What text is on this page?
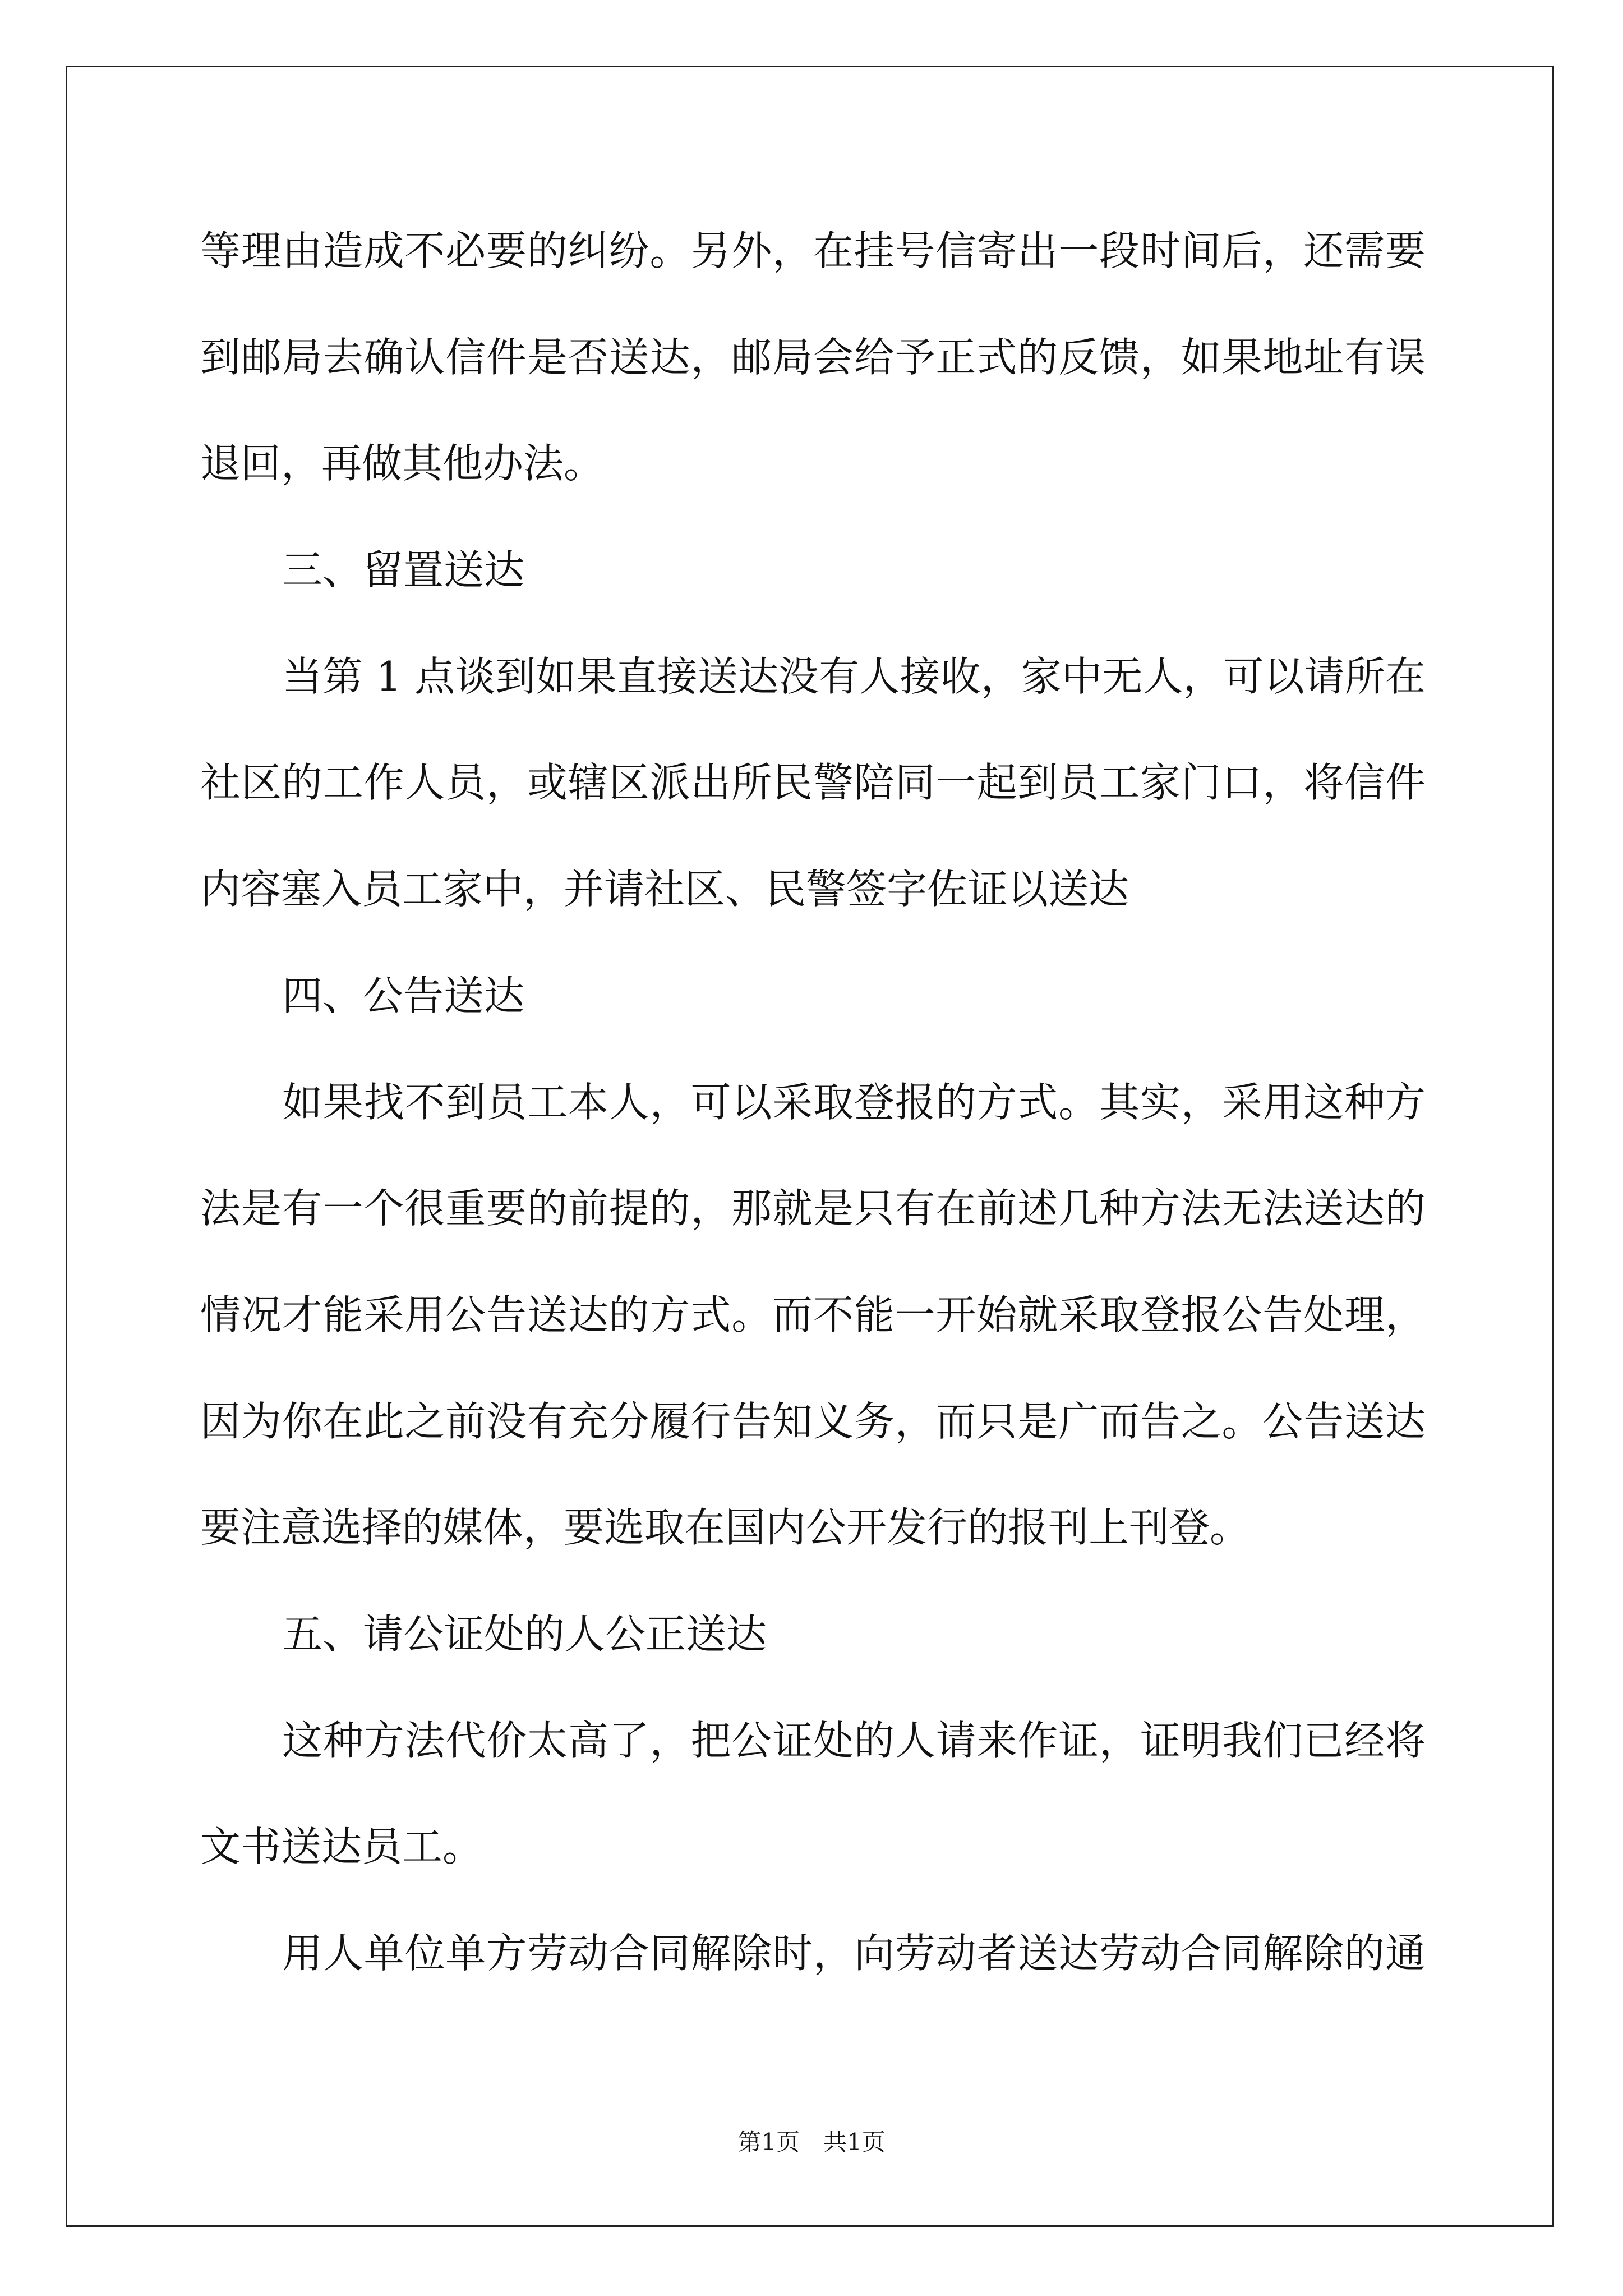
等理由造成不必要的纠纷。另外，在挂号信寄出一段时间后，还需要
到邮局去确认信件是否送达，邮局会给予正式的反馈，如果地址有误
退回，再做其他办法。
三、留置送达
当第 1 点谈到如果直接送达没有人接收，家中无人，可以请所在
社区的工作人员，或辖区派出所民警陪同一起到员工家门口，将信件
内容塞入员工家中，并请社区、民警签字佐证以送达
四、公告送达
如果找不到员工本人，可以采取登报的方式。其实，采用这种方
法是有一个很重要的前提的，那就是只有在前述几种方法无法送达的
情况才能采用公告送达的方式。而不能一开始就采取登报公告处理，
因为你在此之前没有充分履行告知义务，而只是广而告之。公告送达
要注意选择的媒体，要选取在国内公开发行的报刊上刊登。
五、请公证处的人公正送达
这种方法代价太高了，把公证处的人请来作证，证明我们已经将
文书送达员工。
用人单位单方劳动合同解除时，向劳动者送达劳动合同解除的通
第1页　共1页
